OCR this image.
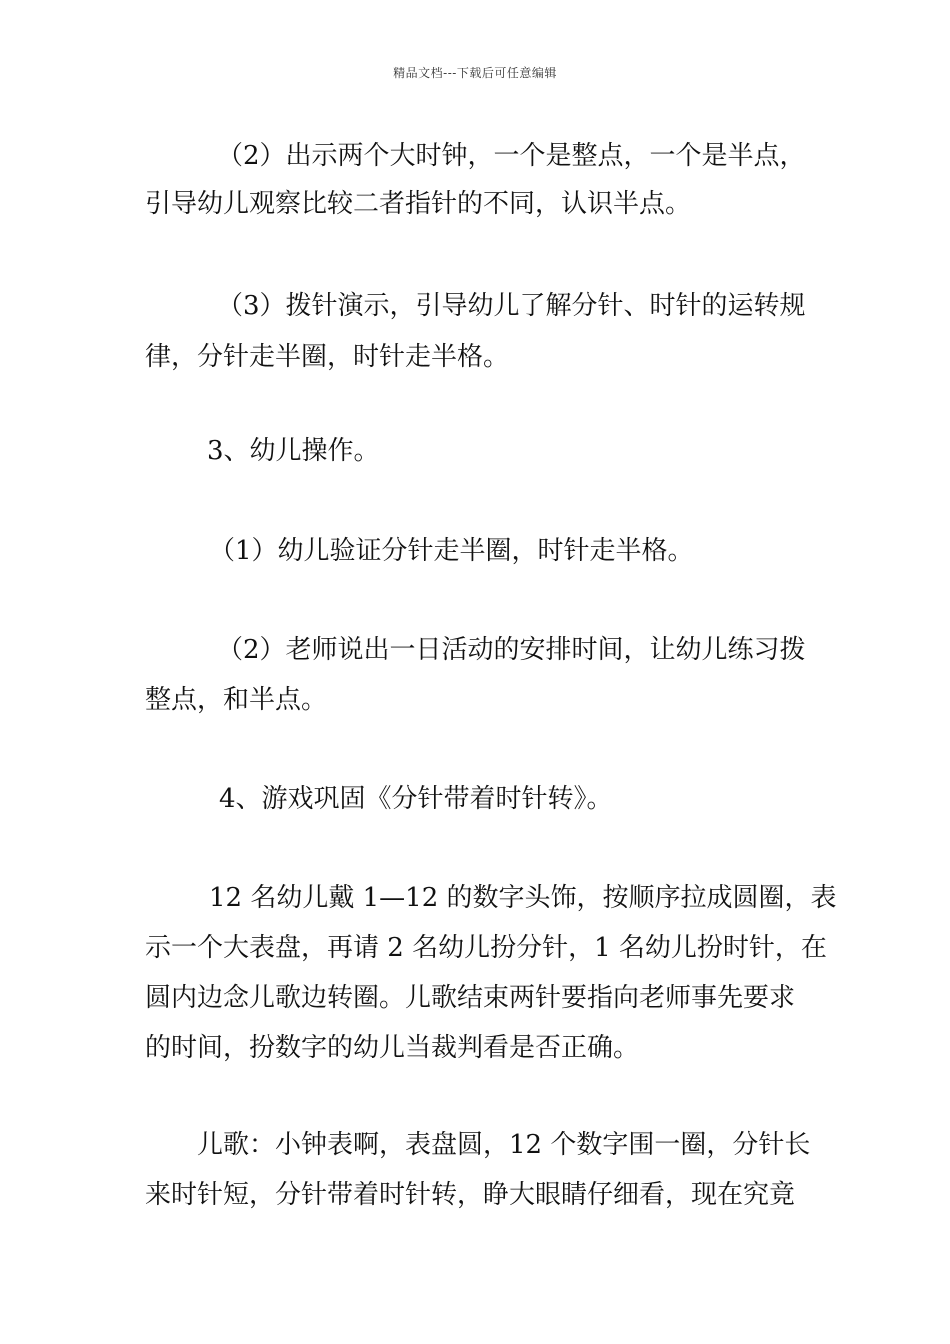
精品文档---下载后可任意编辑
（2）出示两个大时钟，一个是整点，一个是半点，
引导幼儿观察比较二者指针的不同，认识半点。
（3）拨针演示，引导幼儿了解分针、时针的运转规
律，分针走半圈，时针走半格。
3、幼儿操作。
（1）幼儿验证分针走半圈，时针走半格。
（2）老师说出一日活动的安排时间，让幼儿练习拨
整点，和半点。
4、游戏巩固《分针带着时针转》。
12 名幼儿戴 1—12 的数字头饰，按顺序拉成圆圈，表
示一个大表盘，再请 2 名幼儿扮分针，1 名幼儿扮时针，在
圆内边念儿歌边转圈。儿歌结束两针要指向老师事先要求
的时间，扮数字的幼儿当裁判看是否正确。
儿歌：小钟表啊，表盘圆，12 个数字围一圈，分针长
来时针短，分针带着时针转，睁大眼睛仔细看，现在究竟
